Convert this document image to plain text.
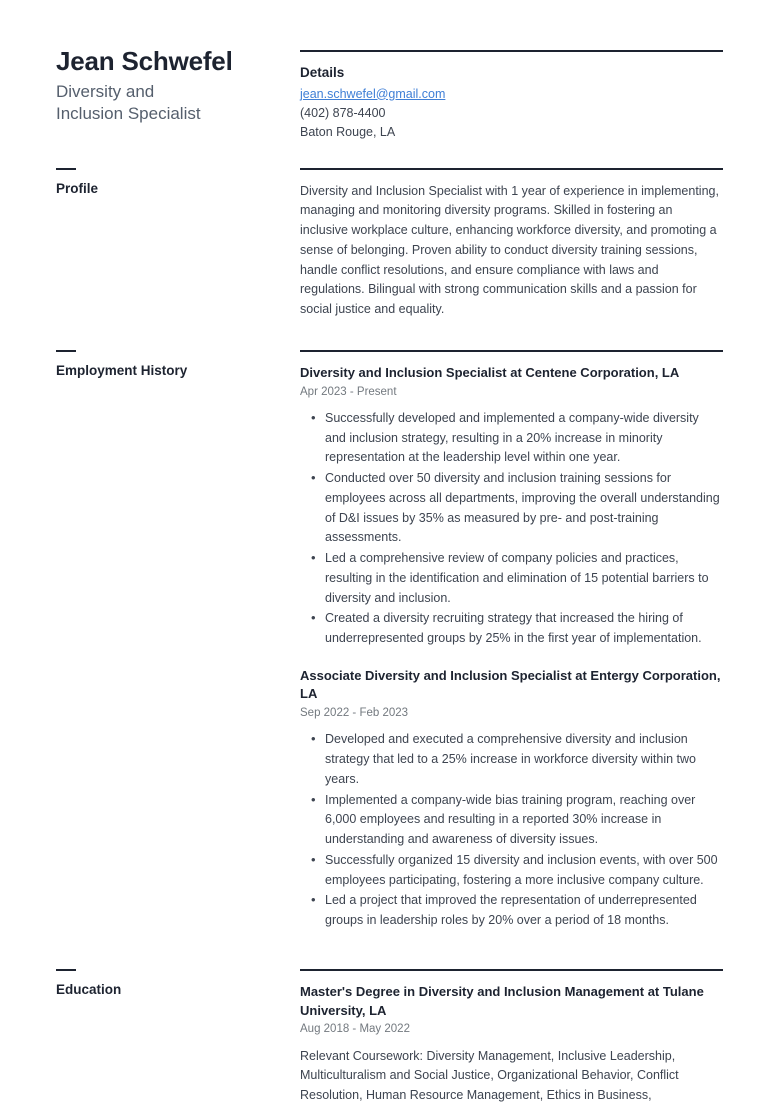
Jean Schwefel
Diversity and
Inclusion Specialist
Details
jean.schwefel@gmail.com
(402) 878-4400
Baton Rouge, LA
Profile	Diversity and Inclusion Specialist with 1 year of experience in implementing, managing and monitoring diversity programs. Skilled in fostering an inclusive workplace culture, enhancing workforce diversity, and promoting a sense of belonging. Proven ability to conduct diversity training sessions, handle conflict resolutions, and ensure compliance with laws and regulations. Bilingual with strong communication skills and a passion for social justice and equality.

Employment History	Diversity and Inclusion Specialist at Centene Corporation, LA
Apr 2023 - Present
• Successfully developed and implemented a company-wide diversity and inclusion strategy, resulting in a 20% increase in minority representation at the leadership level within one year.
• Conducted over 50 diversity and inclusion training sessions for employees across all departments, improving the overall understanding of D&I issues by 35% as measured by pre- and post-training assessments.
• Led a comprehensive review of company policies and practices, resulting in the identification and elimination of 15 potential barriers to diversity and inclusion.
• Created a diversity recruiting strategy that increased the hiring of underrepresented groups by 25% in the first year of implementation.
Associate Diversity and Inclusion Specialist at Entergy Corporation, LA
Sep 2022 - Feb 2023
• Developed and executed a comprehensive diversity and inclusion strategy that led to a 25% increase in workforce diversity within two years.
• Implemented a company-wide bias training program, reaching over 6,000 employees and resulting in a reported 30% increase in understanding and awareness of diversity issues.
• Successfully organized 15 diversity and inclusion events, with over 500 employees participating, fostering a more inclusive company culture.
• Led a project that improved the representation of underrepresented groups in leadership roles by 20% over a period of 18 months.
Education	Master's Degree in Diversity and Inclusion Management at Tulane University, LA
Aug 2018 - May 2022

Relevant Coursework: Diversity Management, Inclusive Leadership, Multiculturalism and Social Justice, Organizational Behavior, Conflict Resolution, Human Resource Management, Ethics in Business,
